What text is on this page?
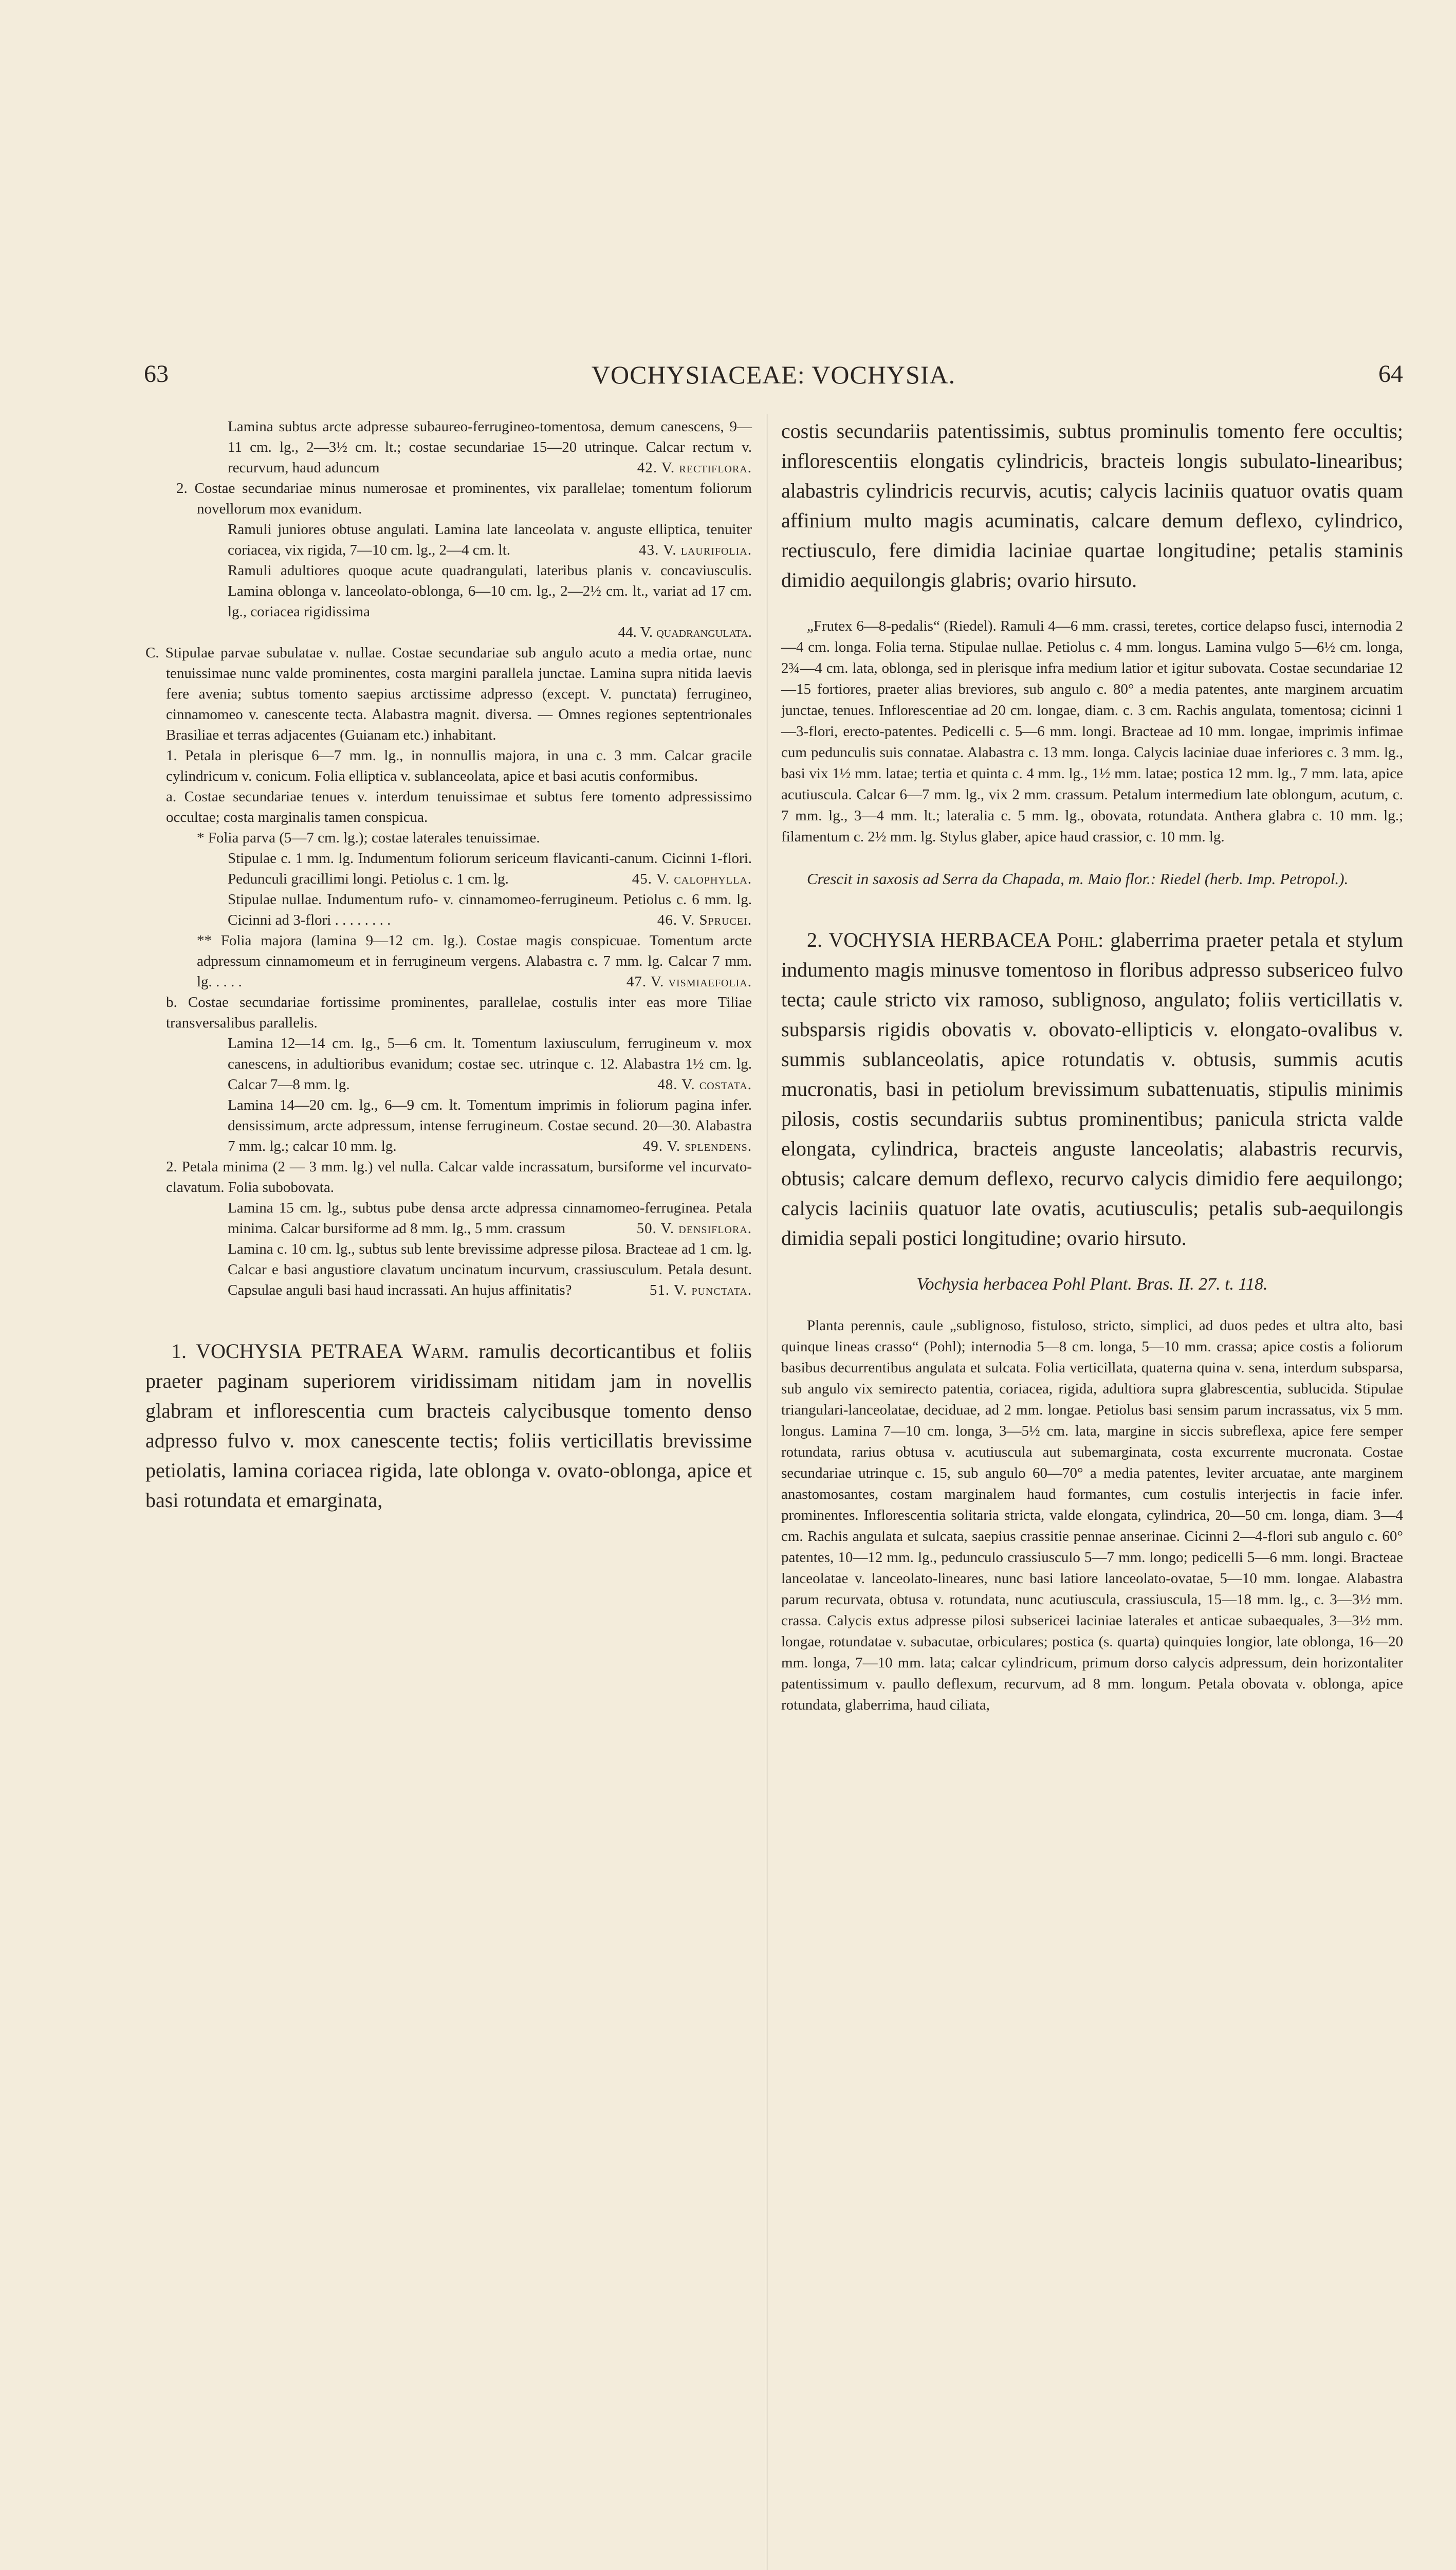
63	VOCHYSIACEAE: VOCHYSIA.	64

Lamina subtus arcte adpresse subaureo-ferrugineo-tomentosa, demum canescens, 9—11 cm. lg., 2—3½ cm. lt.; costae secundariae 15—20 utrinque. Calcar rectum v. recurvum, haud aduncum	42. V. rectiflora.

2. Costae secundariae minus numerosae et prominentes, vix parallelae; tomentum foliorum novellorum mox evanidum.

Ramuli juniores obtuse angulati. Lamina late lanceolata v. anguste elliptica, tenuiter coriacea, vix rigida, 7—10 cm. lg., 2—4 cm. lt.	43. V. laurifolia.

Ramuli adultiores quoque acute quadrangulati, lateribus planis v. concaviusculis. Lamina oblonga v. lanceolato-oblonga, 6—10 cm. lg., 2—2½ cm. lt., variat ad 17 cm. lg., coriacea rigidissima

44. V. quadrangulata.

C. Stipulae parvae subulatae v. nullae. Costae secundariae sub angulo acuto a media ortae, nunc tenuissimae nunc valde prominentes, costa margini parallela junctae. Lamina supra nitida laevis fere avenia; subtus tomento saepius arctissime adpresso (except. V. punctata) ferrugineo, cinnamomeo v. canescente tecta. Alabastra magnit. diversa. — Omnes regiones septentrionales Brasiliae et terras adjacentes (Guianam etc.) inhabitant.

1. Petala in plerisque 6—7 mm. lg., in nonnullis majora, in una c. 3 mm. Calcar gracile cylindricum v. conicum. Folia elliptica v. sublanceolata, apice et basi acutis conformibus.

a. Costae secundariae tenues v. interdum tenuissimae et subtus fere tomento adpressissimo occultae; costa marginalis tamen conspicua.

* Folia parva (5—7 cm. lg.); costae laterales tenuissimae.

Stipulae c. 1 mm. lg. Indumentum foliorum sericeum flavicanti-canum. Cicinni 1-flori. Pedunculi gracillimi longi. Petiolus c. 1 cm. lg.	45. V. calophylla.

Stipulae nullae. Indumentum rufo- v. cinnamomeo-ferrugineum. Petiolus c. 6 mm. lg. Cicinni ad 3-flori . . . . . . . .	46. V. Sprucei.

** Folia majora (lamina 9—12 cm. lg.). Costae magis conspicuae. Tomentum arcte adpressum cinnamomeum et in ferrugineum vergens. Alabastra c. 7 mm. lg. Calcar 7 mm. lg. . . . .	47. V. vismiaefolia.

b. Costae secundariae fortissime prominentes, parallelae, costulis inter eas more Tiliae transversalibus parallelis.

Lamina 12—14 cm. lg., 5—6 cm. lt. Tomentum laxiusculum, ferrugineum v. mox canescens, in adultioribus evanidum; costae sec. utrinque c. 12. Alabastra 1½ cm. lg. Calcar 7—8 mm. lg.	48. V. costata.

Lamina 14—20 cm. lg., 6—9 cm. lt. Tomentum imprimis in foliorum pagina infer. densissimum, arcte adpressum, intense ferrugineum. Costae secund. 20—30. Alabastra 7 mm. lg.; calcar 10 mm. lg.	49. V. splendens.

2. Petala minima (2 — 3 mm. lg.) vel nulla. Calcar valde incrassatum, bursiforme vel incurvato-clavatum. Folia subobovata.

Lamina 15 cm. lg., subtus pube densa arcte adpressa cinnamomeo-ferruginea. Petala minima. Calcar bursiforme ad 8 mm. lg., 5 mm. crassum	50. V. densiflora.

Lamina c. 10 cm. lg., subtus sub lente brevissime adpresse pilosa. Bracteae ad 1 cm. lg. Calcar e basi angustiore clavatum uncinatum incurvum, crassiusculum. Petala desunt. Capsulae anguli basi haud incrassati. An hujus affinitatis?	51. V. punctata.

1. VOCHYSIA PETRAEA Warm. ramulis decorticantibus et foliis praeter paginam superiorem viridissimam nitidam jam in novellis glabram et inflorescentia cum bracteis calycibusque tomento denso adpresso fulvo v. mox canescente tectis; foliis verticillatis brevissime petiolatis, lamina coriacea rigida, late oblonga v. ovato-oblonga, apice et basi rotundata et emarginata,

costis secundariis patentissimis, subtus prominulis tomento fere occultis; inflorescentiis elongatis cylindricis, bracteis longis subulato-linearibus; alabastris cylindricis recurvis, acutis; calycis laciniis quatuor ovatis quam affinium multo magis acuminatis, calcare demum deflexo, cylindrico, rectiusculo, fere dimidia laciniae quartae longitudine; petalis staminis dimidio aequilongis glabris; ovario hirsuto.

„Frutex 6—8-pedalis“ (Riedel). Ramuli 4—6 mm. crassi, teretes, cortice delapso fusci, internodia 2—4 cm. longa. Folia terna. Stipulae nullae. Petiolus c. 4 mm. longus. Lamina vulgo 5—6½ cm. longa, 2¾—4 cm. lata, oblonga, sed in plerisque infra medium latior et igitur subovata. Costae secundariae 12—15 fortiores, praeter alias breviores, sub angulo c. 80° a media patentes, ante marginem arcuatim junctae, tenues. Inflorescentiae ad 20 cm. longae, diam. c. 3 cm. Rachis angulata, tomentosa; cicinni 1—3-flori, erecto-patentes. Pedicelli c. 5—6 mm. longi. Bracteae ad 10 mm. longae, imprimis infimae cum pedunculis suis connatae. Alabastra c. 13 mm. longa. Calycis laciniae duae inferiores c. 3 mm. lg., basi vix 1½ mm. latae; tertia et quinta c. 4 mm. lg., 1½ mm. latae; postica 12 mm. lg., 7 mm. lata, apice acutiuscula. Calcar 6—7 mm. lg., vix 2 mm. crassum. Petalum intermedium late oblongum, acutum, c. 7 mm. lg., 3—4 mm. lt.; lateralia c. 5 mm. lg., obovata, rotundata. Anthera glabra c. 10 mm. lg.; filamentum c. 2½ mm. lg. Stylus glaber, apice haud crassior, c. 10 mm. lg.

Crescit in saxosis ad Serra da Chapada, m. Maio flor.: Riedel (herb. Imp. Petropol.).

2. VOCHYSIA HERBACEA Pohl: glaberrima praeter petala et stylum indumento magis minusve tomentoso in floribus adpresso subsericeo fulvo tecta; caule stricto vix ramoso, sublignoso, angulato; foliis verticillatis v. subsparsis rigidis obovatis v. obovato-ellipticis v. elongato-ovalibus v. summis sublanceolatis, apice rotundatis v. obtusis, summis acutis mucronatis, basi in petiolum brevissimum subattenuatis, stipulis minimis pilosis, costis secundariis subtus prominentibus; panicula stricta valde elongata, cylindrica, bracteis anguste lanceolatis; alabastris recurvis, obtusis; calcare demum deflexo, recurvo calycis dimidio fere aequilongo; calycis laciniis quatuor late ovatis, acutiusculis; petalis sub-aequilongis dimidia sepali postici longitudine; ovario hirsuto.

Vochysia herbacea Pohl Plant. Bras. II. 27. t. 118.

Planta perennis, caule „sublignoso, fistuloso, stricto, simplici, ad duos pedes et ultra alto, basi quinque lineas crasso“ (Pohl); internodia 5—8 cm. longa, 5—10 mm. crassa; apice costis a foliorum basibus decurrentibus angulata et sulcata. Folia verticillata, quaterna quina v. sena, interdum subsparsa, sub angulo vix semirecto patentia, coriacea, rigida, adultiora supra glabrescentia, sublucida. Stipulae triangulari-lanceolatae, deciduae, ad 2 mm. longae. Petiolus basi sensim parum incrassatus, vix 5 mm. longus. Lamina 7—10 cm. longa, 3—5½ cm. lata, margine in siccis subreflexa, apice fere semper rotundata, rarius obtusa v. acutiuscula aut subemarginata, costa excurrente mucronata. Costae secundariae utrinque c. 15, sub angulo 60—70° a media patentes, leviter arcuatae, ante marginem anastomosantes, costam marginalem haud formantes, cum costulis interjectis in facie infer. prominentes. Inflorescentia solitaria stricta, valde elongata, cylindrica, 20—50 cm. longa, diam. 3—4 cm. Rachis angulata et sulcata, saepius crassitie pennae anserinae. Cicinni 2—4-flori sub angulo c. 60° patentes, 10—12 mm. lg., pedunculo crassiusculo 5—7 mm. longo; pedicelli 5—6 mm. longi. Bracteae lanceolatae v. lanceolato-lineares, nunc basi latiore lanceolato-ovatae, 5—10 mm. longae. Alabastra parum recurvata, obtusa v. rotundata, nunc acutiuscula, crassiuscula, 15—18 mm. lg., c. 3—3½ mm. crassa. Calycis extus adpresse pilosi subsericei laciniae laterales et anticae subaequales, 3—3½ mm. longae, rotundatae v. subacutae, orbiculares; postica (s. quarta) quinquies longior, late oblonga, 16—20 mm. longa, 7—10 mm. lata; calcar cylindricum, primum dorso calycis adpressum, dein horizontaliter patentissimum v. paullo deflexum, recurvum, ad 8 mm. longum. Petala obovata v. oblonga, apice rotundata, glaberrima, haud ciliata,
